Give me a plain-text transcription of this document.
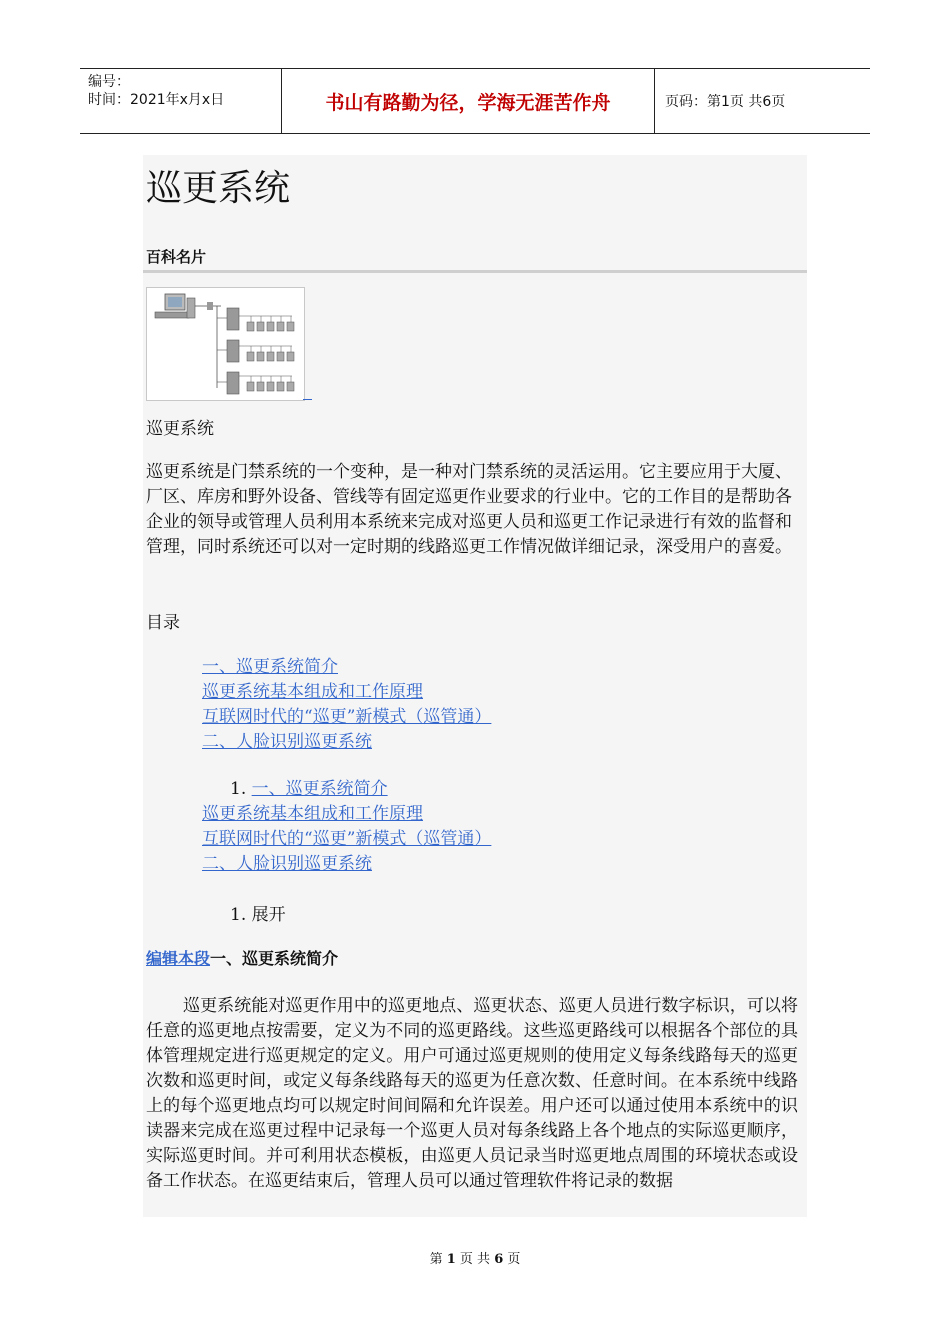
编号：
时间：2021年x月x日	书山有路勤为径，学海无涯苦作舟	页码：第1页 共6页
巡更系统
百科名片
巡更系统

巡更系统是门禁系统的一个变种，是一种对门禁系统的灵活运用。它主要应用于大厦、厂区、库房和野外设备、管线等有固定巡更作业要求的行业中。它的工作目的是帮助各企业的领导或管理人员利用本系统来完成对巡更人员和巡更工作记录进行有效的监督和管理，同时系统还可以对一定时期的线路巡更工作情况做详细记录，深受用户的喜爱。

目录
一、巡更系统简介
巡更系统基本组成和工作原理
互联网时代的“巡更”新模式（巡管通）
二、人脸识别巡更系统
1. 一、巡更系统简介
巡更系统基本组成和工作原理
互联网时代的“巡更”新模式（巡管通）
二、人脸识别巡更系统
1. 展开
编辑本段一、巡更系统简介

巡更系统能对巡更作用中的巡更地点、巡更状态、巡更人员进行数字标识，可以将任意的巡更地点按需要，定义为不同的巡更路线。这些巡更路线可以根据各个部位的具体管理规定进行巡更规定的定义。用户可通过巡更规则的使用定义每条线路每天的巡更次数和巡更时间，或定义每条线路每天的巡更为任意次数、任意时间。在本系统中线路上的每个巡更地点均可以规定时间间隔和允许误差。用户还可以通过使用本系统中的识读器来完成在巡更过程中记录每一个巡更人员对每条线路上各个地点的实际巡更顺序，实际巡更时间。并可利用状态模板，由巡更人员记录当时巡更地点周围的环境状态或设备工作状态。在巡更结束后，管理人员可以通过管理软件将记录的数据

第 1 页 共 6 页
